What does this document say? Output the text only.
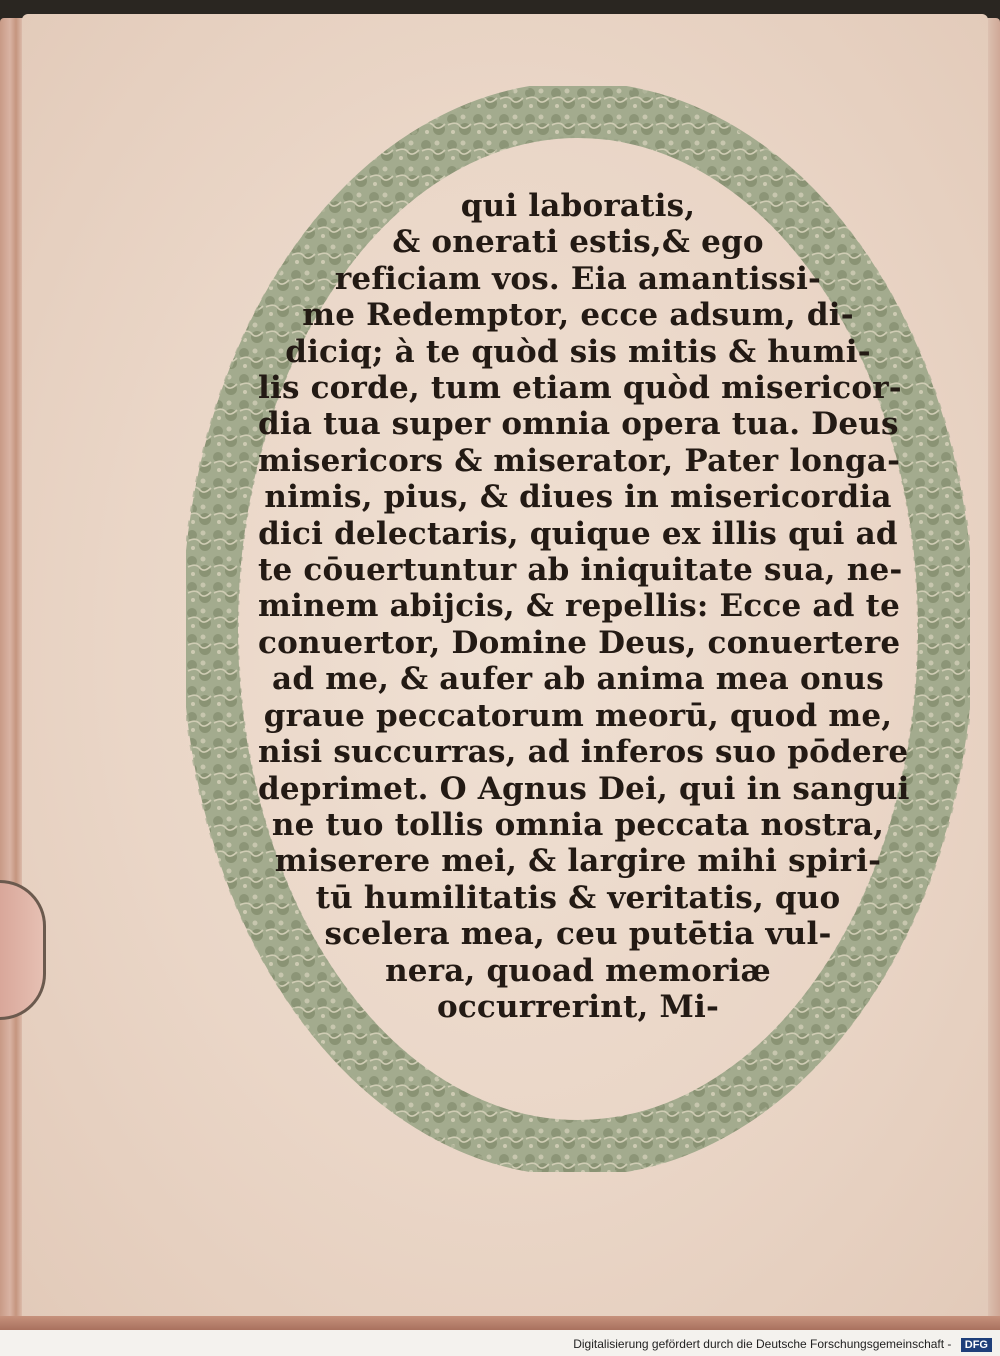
qui laboratis,
& onerati estis,& ego
reficiam vos. Eia amantissi-
me Redemptor, ecce adsum, di-
diciq; à te quòd sis mitis & humi-
lis corde, tum etiam quòd misericor-
dia tua super omnia opera tua. Deus
misericors & miserator, Pater longa-
nimis, pius, & diues in misericordia
dici delectaris, quique ex illis qui ad
te cōuertuntur ab iniquitate sua, ne-
minem abijcis, & repellis: Ecce ad te
conuertor, Domine Deus, conuertere
ad me, & aufer ab anima mea onus
graue peccatorum meorū, quod me,
nisi succurras, ad inferos suo pōdere
deprimet. O Agnus Dei, qui in sangui
ne tuo tollis omnia peccata nostra,
miserere mei, & largire mihi spiri-
tū humilitatis & veritatis, quo
scelera mea, ceu putētia vul-
nera, quoad memoriæ
occurrerint, Mi-
Digitalisierung gefördert durch die Deutsche Forschungsgemeinschaft - DFG
